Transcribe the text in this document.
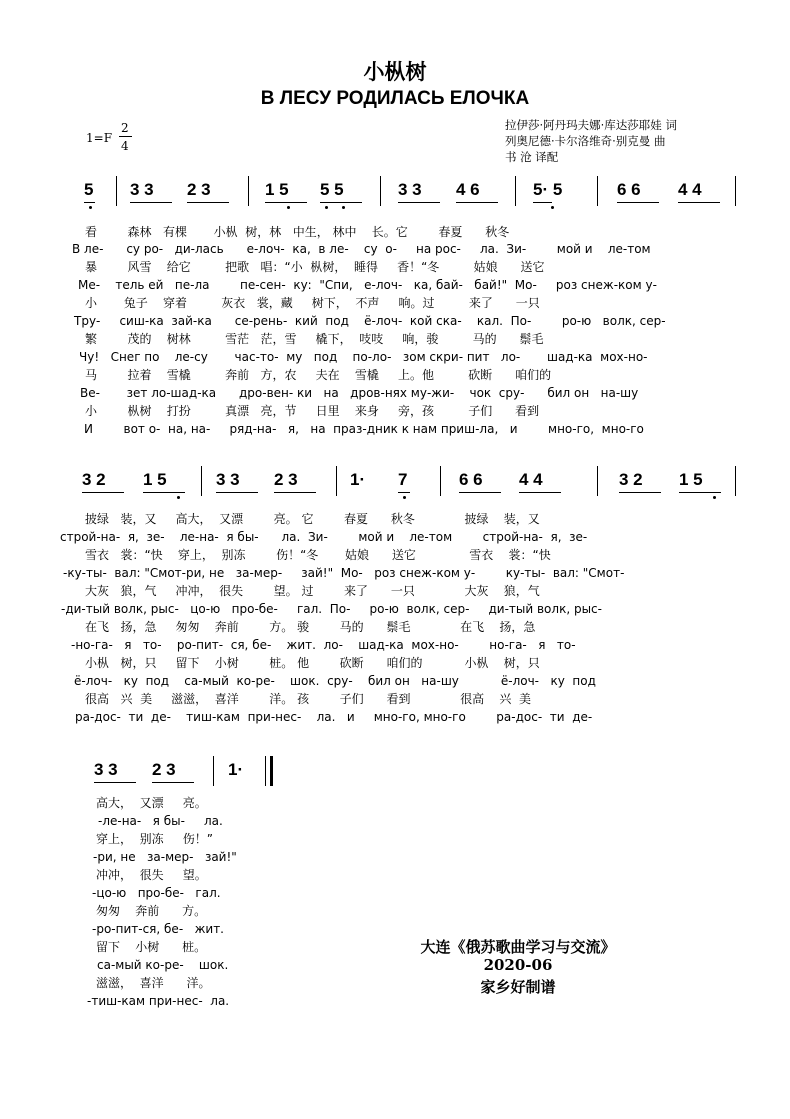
小枞树
В ЛЕСУ РОДИЛАСЬ ЕЛОЧКА
1=F
2
4
拉伊莎·阿丹玛夫娜·库达莎耶娃 词
列奥尼德·卡尔洛维奇·别克曼 曲
书 沧 译配
5 3 3 2 3	1 5 5 5	3 3 4 6	5· 5	6 6 4 4
看        森林   有棵       小枞  树，林   中生， 林中    长。它        春夏      秋冬
В ле-      су ро-   ди-лась      е-лоч-  ка,  в ле-    су  о-     на рос-     ла.  Зи-        мой и    ле-том
暴        风雪    给它         把歌   唱：“小  枞树，  睡得     香！“冬         姑娘      送它
Ме-    тель ей   пе-ла        пе-сен-  ку:  "Спи,   е-лоч-   ка, бай-   бай!"  Мо-     роз снеж-ком у-
小       兔子    穿着         灰衣   裳，藏     树下，  不声     响。过         来了      一只
Тру-     сиш-ка  зай-ка      се-рень-  кий  под    ё-лоч-  кой ска-    кал.  По-        ро-ю   волк, сер-
繁        茂的    树林         雪茫   茫，雪     橇下，  吱吱     响，骏         马的      鬃毛
Чу!   Снег по    ле-су       час-то-  му   под    по-ло-   зом скри- пит   ло-       шад-ка  мох-но-
马        拉着    雪橇         奔前   方，农     夫在    雪橇     上。他         砍断      咱们的
Ве-       зет ло-шад-ка      дро-вен- ки   на   дров-нях му-жи-    чок  сру-      бил он   на-шу
小        枞树    打扮         真漂   亮，节     日里    来身     旁，孩         子们      看到
И        вот о-  на, на-     ряд-на-   я,   на  праз-дник к нам приш-ла,   и        мно-го,  мно-го
3 2 1 5	3 3 2 3	1· 7	6 6 4 4	3 2 1 5
披绿   装，又     高大，  又漂        亮。 它        春夏      秋冬             披绿    装，又
строй-на-  я,  зе-    ле-на-  я бы-      ла.  Зи-        мой и    ле-том        строй-на-  я,  зе-
雪衣   裳：“快    穿上，  别冻        伤！“冬       姑娘      送它              雪衣    裳：“快
-ку-ты-  вал: "Смот-ри, не   за-мер-     зай!"  Мо-   роз снеж-ком у-        ку-ты-  вал: "Смот-
大灰   狼，气     冲冲，  很失        望。 过        来了      一只             大灰    狼，气
-ди-тый волк, рыс-   цо-ю   про-бе-     гал.  По-     ро-ю  волк, сер-     ди-тый волк, рыс-
在飞   扬，急     匆匆    奔前        方。 骏        马的      鬃毛             在飞    扬，急
-но-га-   я   то-    ро-пит-  ся, бе-    жит.  ло-    шад-ка  мох-но-        но-га-   я   то-
小枞   树，只     留下    小树        桩。 他        砍断      咱们的           小枞    树，只
ё-лоч-   ку  под    са-мый  ко-ре-    шок.  сру-    бил он   на-шу           ё-лоч-   ку  под
很高   兴  美     滋滋，  喜洋        洋。 孩        子们      看到             很高    兴  美
ра-дос-  ти  де-    тиш-кам  при-нес-    ла.   и     мно-го, мно-го        ра-дос-  ти  де-
3 3 2 3	1·
高大，  又漂     亮。
-ле-на-   я бы-     ла.
穿上，  别冻     伤！”
-ри, не   за-мер-   зай!"
冲冲，  很失     望。
-цо-ю   про-бе-   гал.
匆匆    奔前      方。
-ро-пит-ся, бе-   жит.
留下    小树      桩。
са-мый ко-ре-    шок.
滋滋，  喜洋      洋。
-тиш-кам при-нес-  ла.
大连《俄苏歌曲学习与交流》
2020-06
家乡好制谱
